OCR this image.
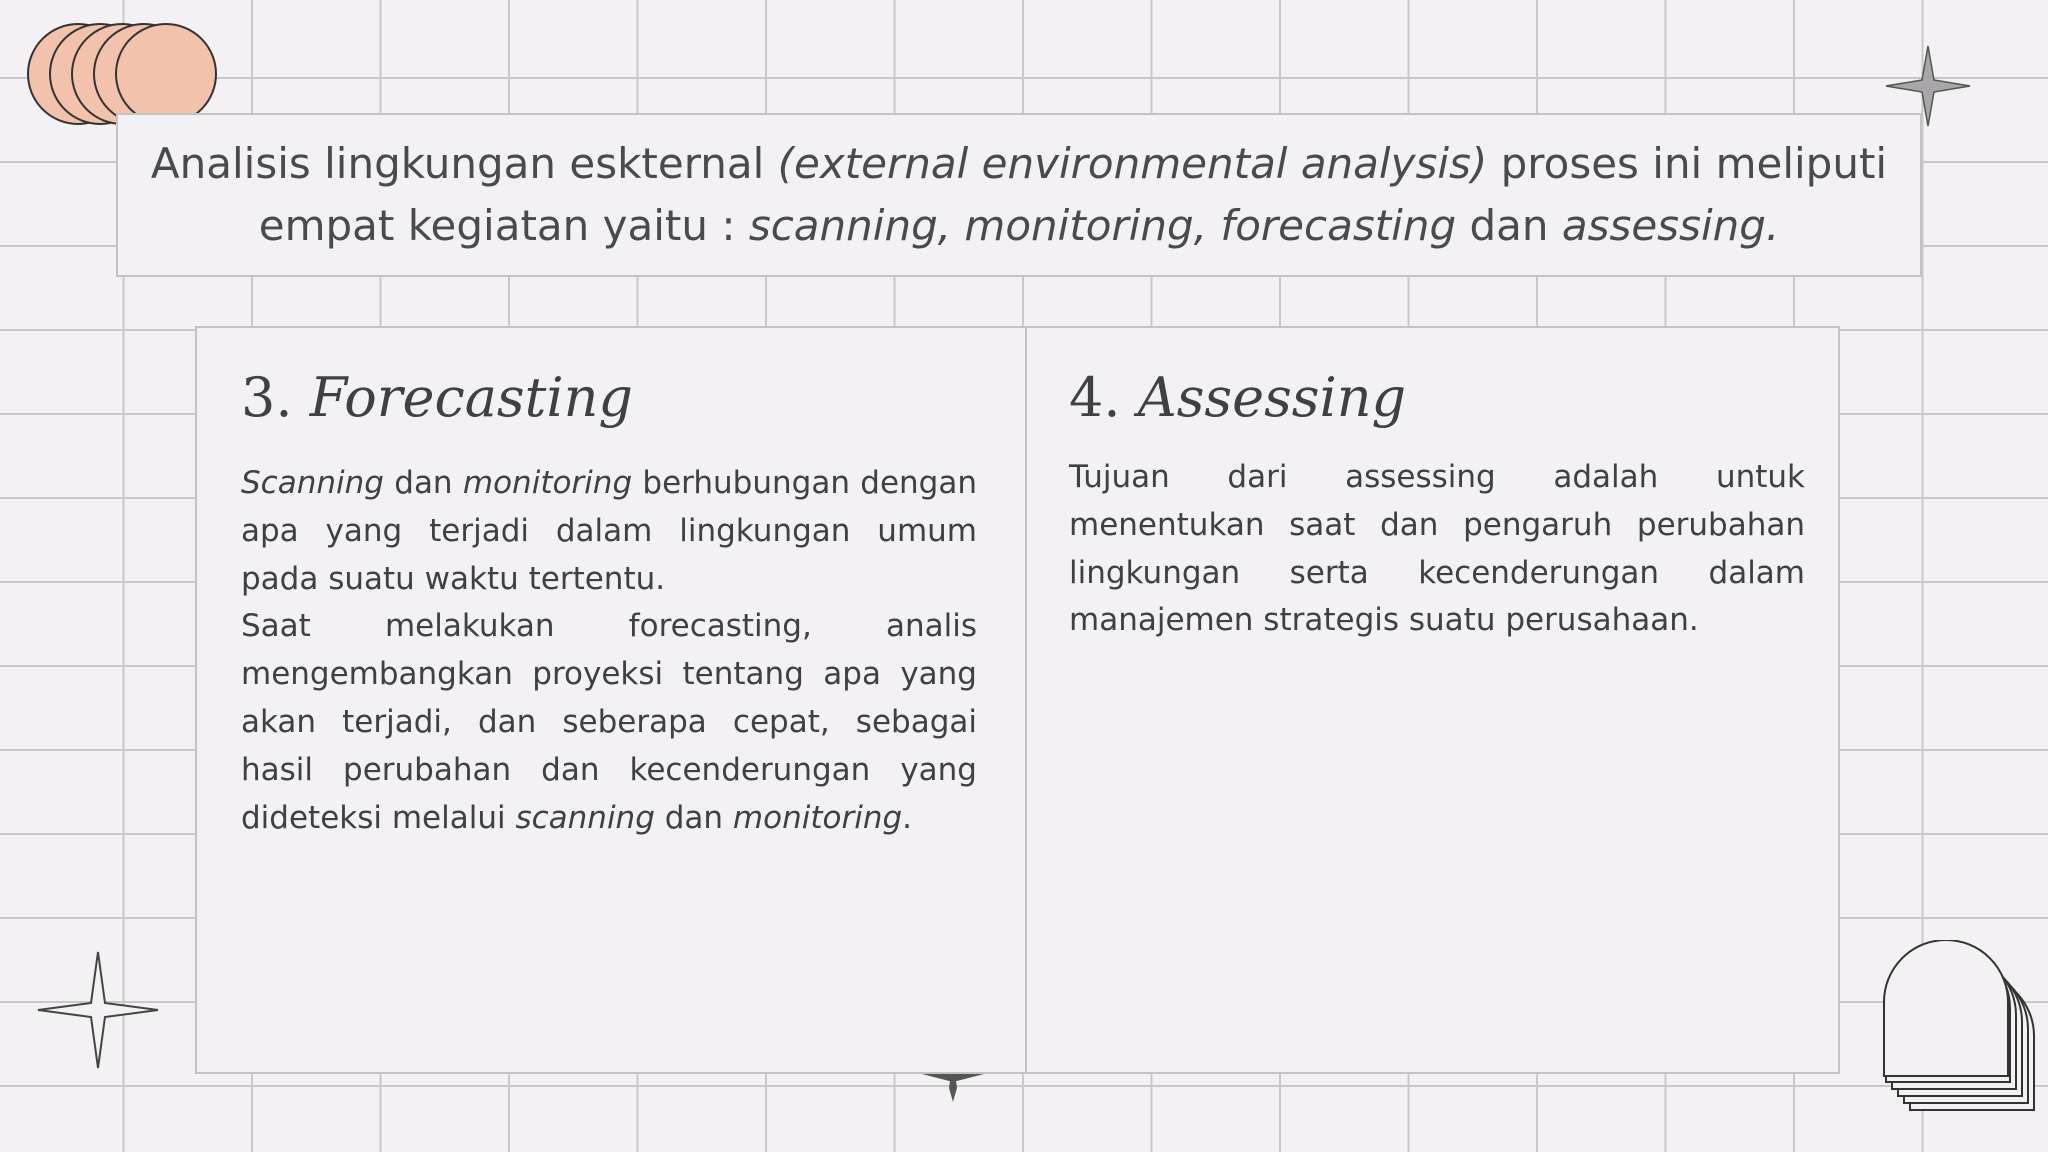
Analisis lingkungan eskternal (external environmental analysis) proses ini meliputi
empat kegiatan yaitu : scanning, monitoring, forecasting dan assessing.

3. Forecasting

Scanning dan monitoring berhubungan dengan apa yang terjadi dalam lingkungan umum pada suatu waktu tertentu.

Saat melakukan forecasting, analis mengembangkan proyeksi tentang apa yang akan terjadi, dan seberapa cepat, sebagai hasil perubahan dan kecenderungan yang dideteksi melalui scanning dan monitoring.

4. Assessing

Tujuan dari assessing adalah untuk menentukan saat dan pengaruh perubahan lingkungan serta kecenderungan dalam manajemen strategis suatu perusahaan.
